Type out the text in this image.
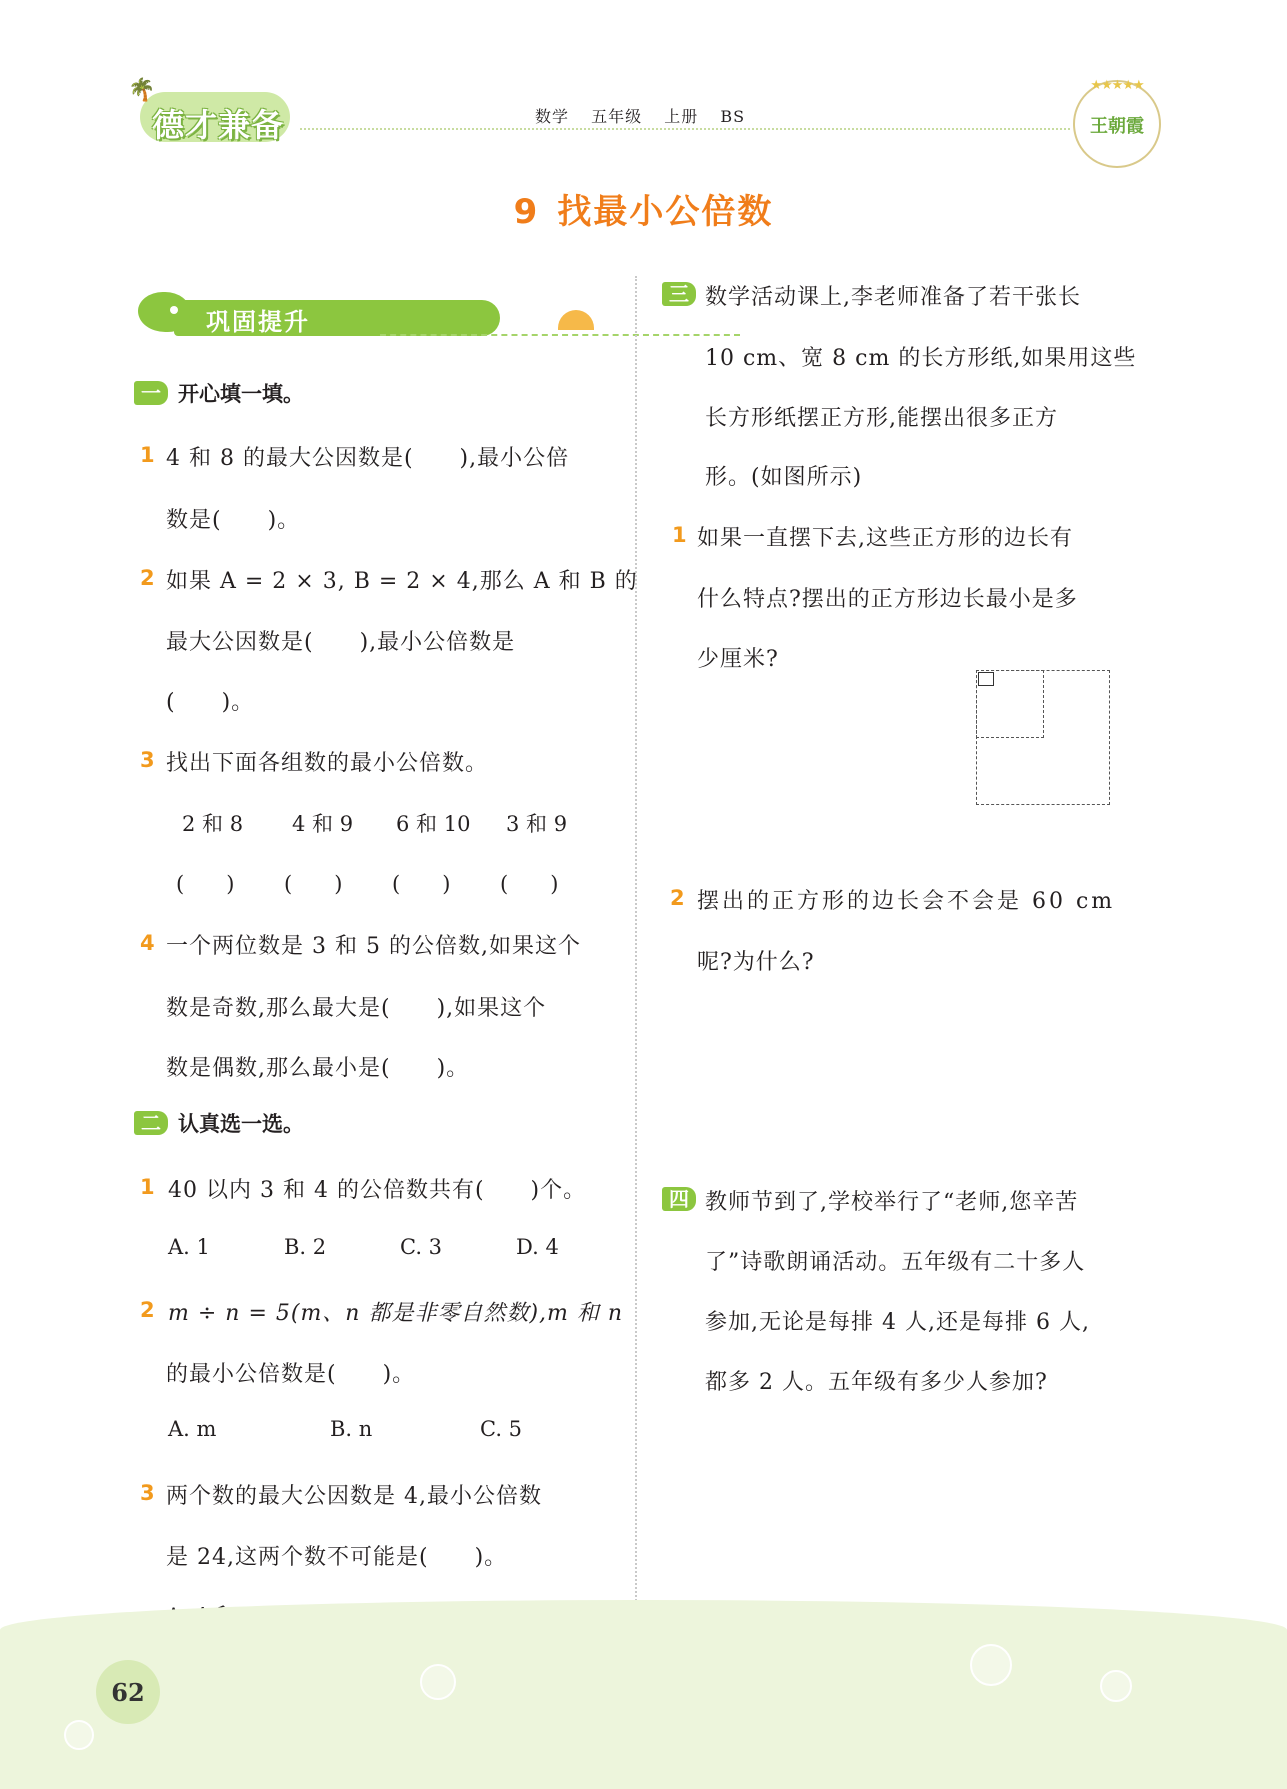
🌴
德才兼备	数学 五年级 上册 BS
★★★★★
王朝霞
9 找最小公倍数
巩固提升
一 开心填一填。
1 4 和 8 的最大公因数是(　　),最小公倍
数是(　　)。
2 如果 A = 2 × 3, B = 2 × 4,那么 A 和 B 的
最大公因数是(　　),最小公倍数是
(　　)。
3 找出下面各组数的最小公倍数。
2 和 8 4 和 9 6 和 10 3 和 9
(　　) (　　) (　　) (　　)
4 一个两位数是 3 和 5 的公倍数,如果这个
数是奇数,那么最大是(　　),如果这个
数是偶数,那么最小是(　　)。
二 认真选一选。
1 40 以内 3 和 4 的公倍数共有(　　)个。
A. 1	B. 2	C. 3	D. 4
2 m ÷ n = 5(m、n 都是非零自然数),m 和 n
的最小公倍数是(　　)。
A. m	B. n	C. 5
3 两个数的最大公因数是 4,最小公倍数
是 24,这两个数不可能是(　　)。
三 数学活动课上,李老师准备了若干张长
10 cm、宽 8 cm 的长方形纸,如果用这些
长方形纸摆正方形,能摆出很多正方
形。(如图所示)
1 如果一直摆下去,这些正方形的边长有
什么特点?摆出的正方形边长最小是多
少厘米?
2 摆出的正方形的边长会不会是 60 cm
呢?为什么?
四 教师节到了,学校举行了“老师,您辛苦
了”诗歌朗诵活动。五年级有二十多人
参加,无论是每排 4 人,还是每排 6 人,
都多 2 人。五年级有多少人参加?
62
